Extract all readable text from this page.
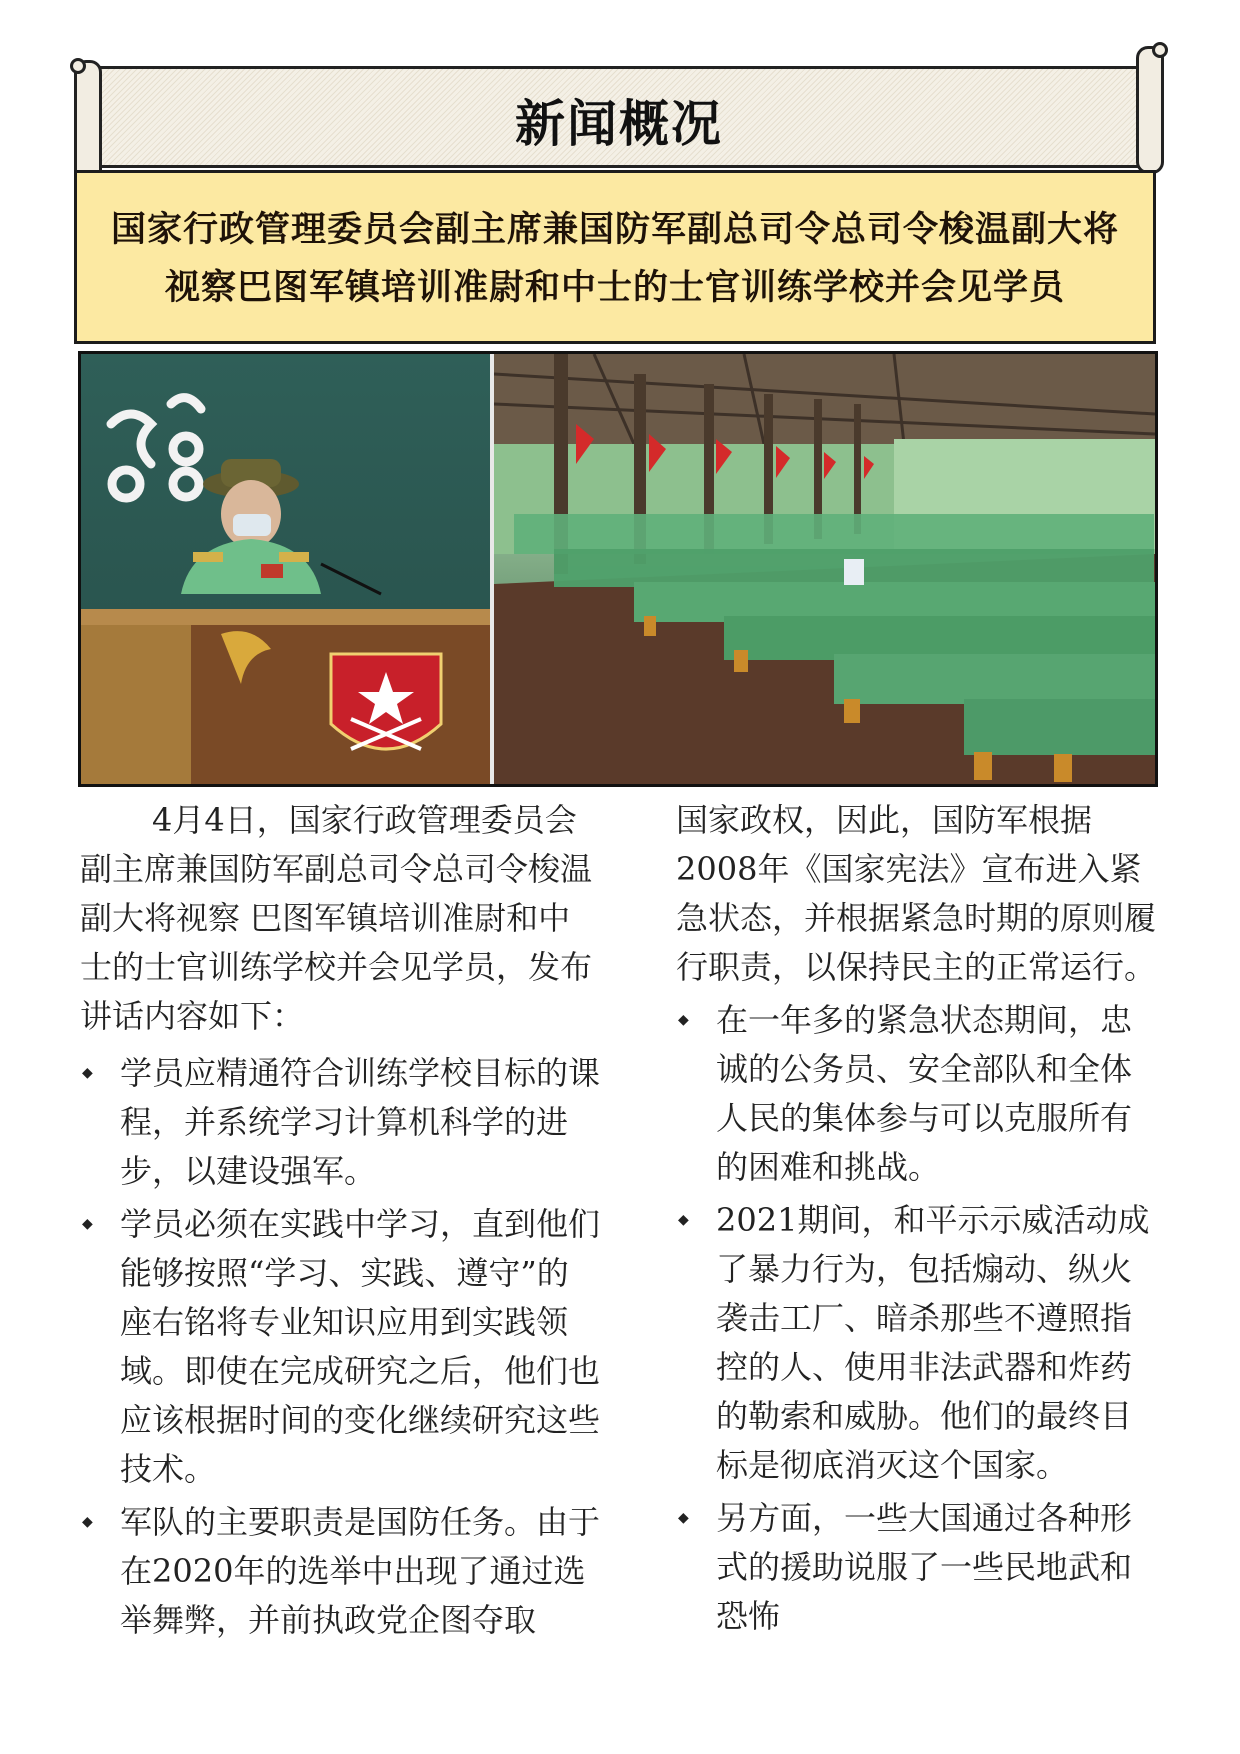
新闻概况
国家行政管理委员会副主席兼国防军副总司令总司令梭温副大将
视察巴图军镇培训准尉和中士的士官训练学校并会见学员

4月4日，国家行政管理委员会副主席兼国防军副总司令总司令梭温副大将视察 巴图军镇培训准尉和中士的士官训练学校并会见学员，发布讲话内容如下：

◆ 学员应精通符合训练学校目标的课程，并系统学习计算机科学的进步，以建设强军。

◆ 学员必须在实践中学习，直到他们能够按照“学习、实践、遵守”的座右铭将专业知识应用到实践领域。即使在完成研究之后，他们也应该根据时间的变化继续研究这些技术。

◆ 军队的主要职责是国防任务。由于在2020年的选举中出现了通过选举舞弊，并前执政党企图夺取

国家政权，因此，国防军根据2008年《国家宪法》宣布进入紧急状态，并根据紧急时期的原则履行职责，以保持民主的正常运行。

◆ 在一年多的紧急状态期间，忠诚的公务员、安全部队和全体人民的集体参与可以克服所有的困难和挑战。

◆ 2021期间，和平示示威活动成了暴力行为，包括煽动、纵火袭击工厂、暗杀那些不遵照指控的人、使用非法武器和炸药的勒索和威胁。他们的最终目标是彻底消灭这个国家。

◆ 另方面，一些大国通过各种形式的援助说服了一些民地武和恐怖
